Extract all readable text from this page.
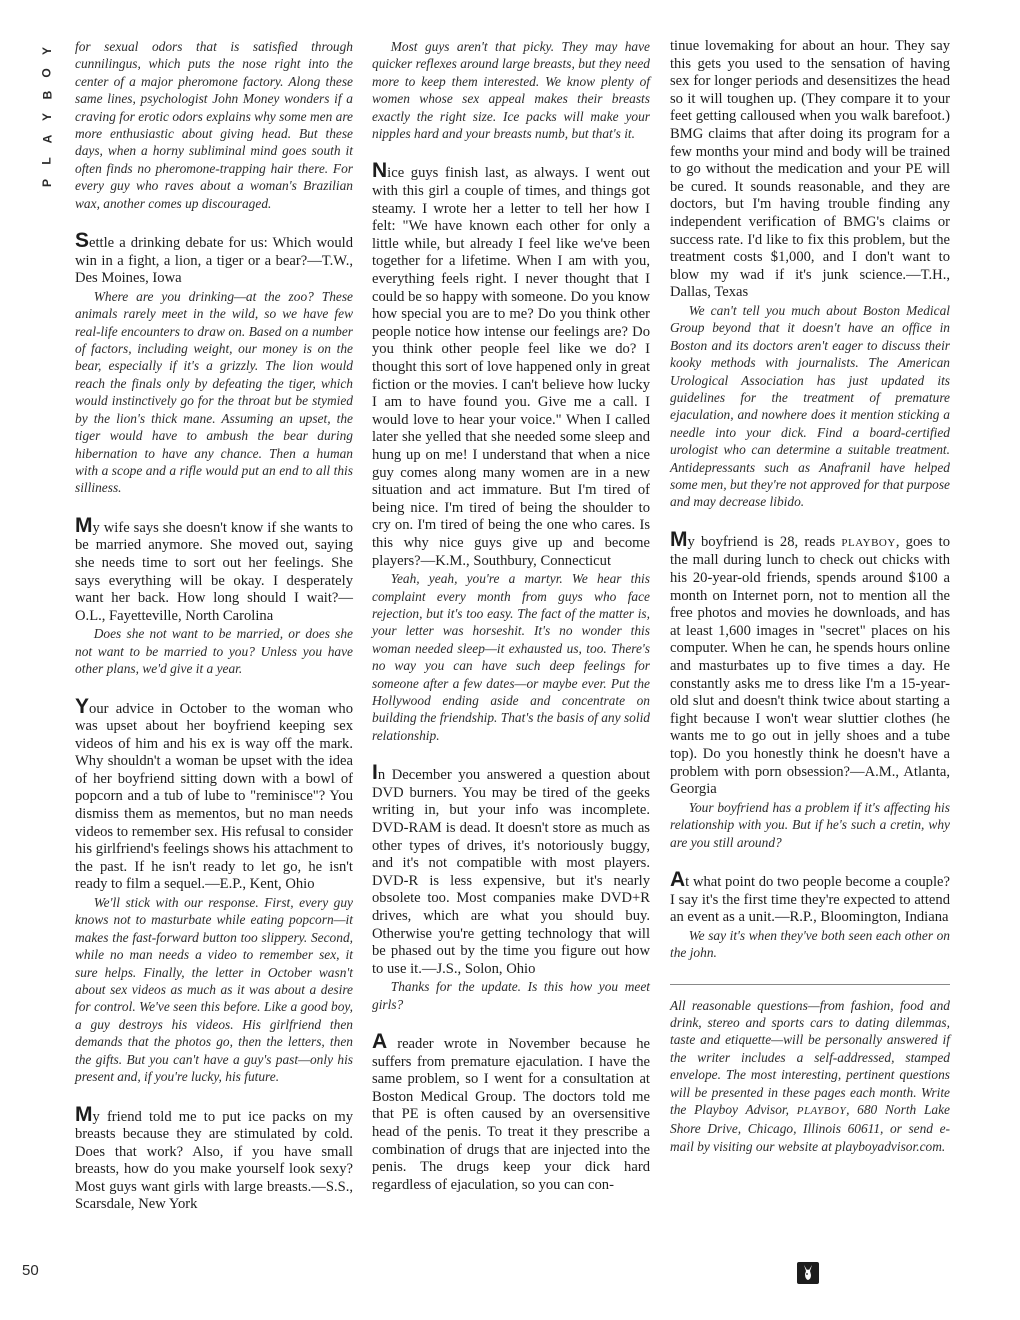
Y
O
B
Y
A
L
P
50

for sexual odors that is satisfied through cunnilingus, which puts the nose right into the center of a major pheromone factory. Along these same lines, psychologist John Money wonders if a craving for erotic odors explains why some men are more enthusiastic about giving head. But these days, when a horny subliminal mind goes south it often finds no pheromone-trapping hair there. For every guy who raves about a woman's Brazilian wax, another comes up discouraged.

Settle a drinking debate for us: Which would win in a fight, a lion, a tiger or a bear?—T.W., Des Moines, Iowa

Where are you drinking—at the zoo? These animals rarely meet in the wild, so we have few real-life encounters to draw on. Based on a number of factors, including weight, our money is on the bear, especially if it's a grizzly. The lion would reach the finals only by defeating the tiger, which would instinctively go for the throat but be stymied by the lion's thick mane. Assuming an upset, the tiger would have to ambush the bear during hibernation to have any chance. Then a human with a scope and a rifle would put an end to all this silliness.

My wife says she doesn't know if she wants to be married anymore. She moved out, saying she needs time to sort out her feelings. She says everything will be okay. I desperately want her back. How long should I wait?—O.L., Fayetteville, North Carolina

Does she not want to be married, or does she not want to be married to you? Unless you have other plans, we'd give it a year.

Your advice in October to the woman who was upset about her boyfriend keeping sex videos of him and his ex is way off the mark. Why shouldn't a woman be upset with the idea of her boyfriend sitting down with a bowl of popcorn and a tub of lube to "reminisce"? You dismiss them as mementos, but no man needs videos to remember sex. His refusal to consider his girlfriend's feelings shows his attachment to the past. If he isn't ready to let go, he isn't ready to film a sequel.—E.P., Kent, Ohio

We'll stick with our response. First, every guy knows not to masturbate while eating popcorn—it makes the fast-forward button too slippery. Second, while no man needs a video to remember sex, it sure helps. Finally, the letter in October wasn't about sex videos as much as it was about a desire for control. We've seen this before. Like a good boy, a guy destroys his videos. His girlfriend then demands that the photos go, then the letters, then the gifts. But you can't have a guy's past—only his present and, if you're lucky, his future.

My friend told me to put ice packs on my breasts because they are stimulated by cold. Does that work? Also, if you have small breasts, how do you make yourself look sexy? Most guys want girls with large breasts.—S.S., Scarsdale, New York

Most guys aren't that picky. They may have quicker reflexes around large breasts, but they need more to keep them interested. We know plenty of women whose sex appeal makes their breasts exactly the right size. Ice packs will make your nipples hard and your breasts numb, but that's it.

Nice guys finish last, as always. I went out with this girl a couple of times, and things got steamy. I wrote her a letter to tell her how I felt: "We have known each other for only a little while, but already I feel like we've been together for a lifetime. When I am with you, everything feels right. I never thought that I could be so happy with someone. Do you know how special you are to me? Do you think other people notice how intense our feelings are? Do you think other people feel like we do? I thought this sort of love happened only in great fiction or the movies. I can't believe how lucky I am to have found you. Give me a call. I would love to hear your voice." When I called later she yelled that she needed some sleep and hung up on me! I understand that when a nice guy comes along many women are in a new situation and act immature. But I'm tired of being nice. I'm tired of being the shoulder to cry on. I'm tired of being the one who cares. Is this why nice guys give up and become players?—K.M., Southbury, Connecticut

Yeah, yeah, you're a martyr. We hear this complaint every month from guys who face rejection, but it's too easy. The fact of the matter is, your letter was horseshit. It's no wonder this woman needed sleep—it exhausted us, too. There's no way you can have such deep feelings for someone after a few dates—or maybe ever. Put the Hollywood ending aside and concentrate on building the friendship. That's the basis of any solid relationship.

In December you answered a question about DVD burners. You may be tired of the geeks writing in, but your info was incomplete. DVD-RAM is dead. It doesn't store as much as other types of drives, it's notoriously buggy, and it's not compatible with most players. DVD-R is less expensive, but it's nearly obsolete too. Most companies make DVD+R drives, which are what you should buy. Otherwise you're getting technology that will be phased out by the time you figure out how to use it.—J.S., Solon, Ohio

Thanks for the update. Is this how you meet girls?

A reader wrote in November because he suffers from premature ejaculation. I have the same problem, so I went for a consultation at Boston Medical Group. The doctors told me that PE is often caused by an oversensitive head of the penis. To treat it they prescribe a combination of drugs that are injected into the penis. The drugs keep your dick hard regardless of ejaculation, so you can con-

tinue lovemaking for about an hour. They say this gets you used to the sensation of having sex for longer periods and desensitizes the head so it will toughen up. (They compare it to your feet getting calloused when you walk barefoot.) BMG claims that after doing its program for a few months your mind and body will be trained to go without the medication and your PE will be cured. It sounds reasonable, and they are doctors, but I'm having trouble finding any independent verification of BMG's claims or success rate. I'd like to fix this problem, but the treatment costs $1,000, and I don't want to blow my wad if it's junk science.—T.H., Dallas, Texas

We can't tell you much about Boston Medical Group beyond that it doesn't have an office in Boston and its doctors aren't eager to discuss their kooky methods with journalists. The American Urological Association has just updated its guidelines for the treatment of premature ejaculation, and nowhere does it mention sticking a needle into your dick. Find a board-certified urologist who can determine a suitable treatment. Antidepressants such as Anafranil have helped some men, but they're not approved for that purpose and may decrease libido.

My boyfriend is 28, reads PLAYBOY, goes to the mall during lunch to check out chicks with his 20-year-old friends, spends around $100 a month on Internet porn, not to mention all the free photos and movies he downloads, and has at least 1,600 images in "secret" places on his computer. When he can, he spends hours online and masturbates up to five times a day. He constantly asks me to dress like I'm a 15-year-old slut and doesn't think twice about starting a fight because I won't wear sluttier clothes (he wants me to go out in jelly shoes and a tube top). Do you honestly think he doesn't have a problem with porn obsession?—A.M., Atlanta, Georgia

Your boyfriend has a problem if it's affecting his relationship with you. But if he's such a cretin, why are you still around?

At what point do two people become a couple? I say it's the first time they're expected to attend an event as a unit.—R.P., Bloomington, Indiana

We say it's when they've both seen each other on the john.

All reasonable questions—from fashion, food and drink, stereo and sports cars to dating dilemmas, taste and etiquette—will be personally answered if the writer includes a self-addressed, stamped envelope. The most interesting, pertinent questions will be presented in these pages each month. Write the Playboy Advisor, PLAYBOY, 680 North Lake Shore Drive, Chicago, Illinois 60611, or send e-mail by visiting our website at playboyadvisor.com.
